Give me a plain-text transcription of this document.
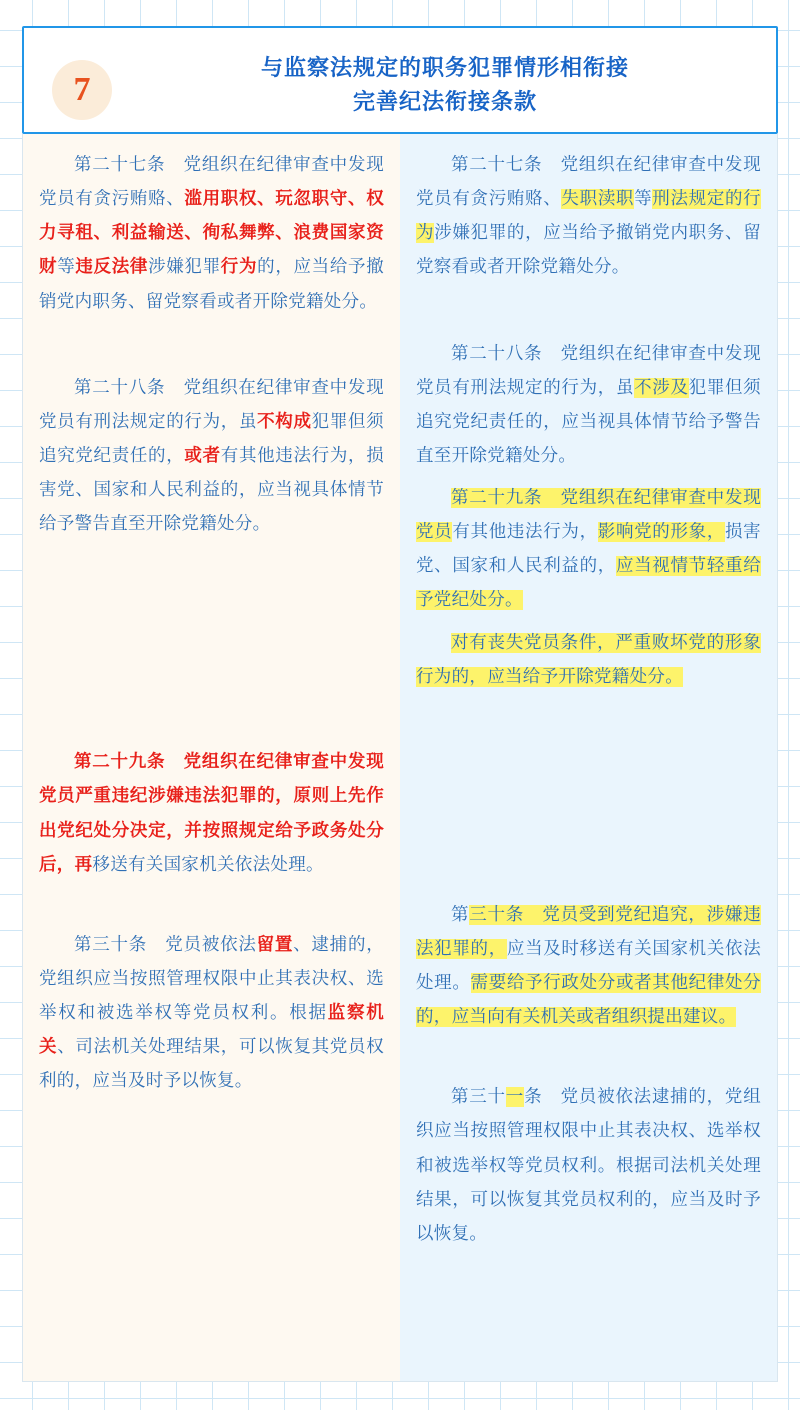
7
与监察法规定的职务犯罪情形相衔接
完善纪法衔接条款

第二十七条　党组织在纪律审查中发现党员有贪污贿赂、滥用职权、玩忽职守、权力寻租、利益输送、徇私舞弊、浪费国家资财等违反法律涉嫌犯罪行为的，应当给予撤销党内职务、留党察看或者开除党籍处分。

第二十八条　党组织在纪律审查中发现党员有刑法规定的行为，虽不构成犯罪但须追究党纪责任的，或者有其他违法行为，损害党、国家和人民利益的，应当视具体情节给予警告直至开除党籍处分。

第二十九条　党组织在纪律审查中发现党员严重违纪涉嫌违法犯罪的，原则上先作出党纪处分决定，并按照规定给予政务处分后，再移送有关国家机关依法处理。

第三十条　党员被依法留置、逮捕的，党组织应当按照管理权限中止其表决权、选举权和被选举权等党员权利。根据监察机关、司法机关处理结果，可以恢复其党员权利的，应当及时予以恢复。

第二十七条　党组织在纪律审查中发现党员有贪污贿赂、失职渎职等刑法规定的行为涉嫌犯罪的，应当给予撤销党内职务、留党察看或者开除党籍处分。

第二十八条　党组织在纪律审查中发现党员有刑法规定的行为，虽不涉及犯罪但须追究党纪责任的，应当视具体情节给予警告直至开除党籍处分。

第二十九条　党组织在纪律审查中发现党员有其他违法行为，影响党的形象，损害党、国家和人民利益的，应当视情节轻重给予党纪处分。

对有丧失党员条件，严重败坏党的形象行为的，应当给予开除党籍处分。

第三十条　党员受到党纪追究，涉嫌违法犯罪的，应当及时移送有关国家机关依法处理。需要给予行政处分或者其他纪律处分的，应当向有关机关或者组织提出建议。

第三十一条　党员被依法逮捕的，党组织应当按照管理权限中止其表决权、选举权和被选举权等党员权利。根据司法机关处理结果，可以恢复其党员权利的，应当及时予以恢复。
